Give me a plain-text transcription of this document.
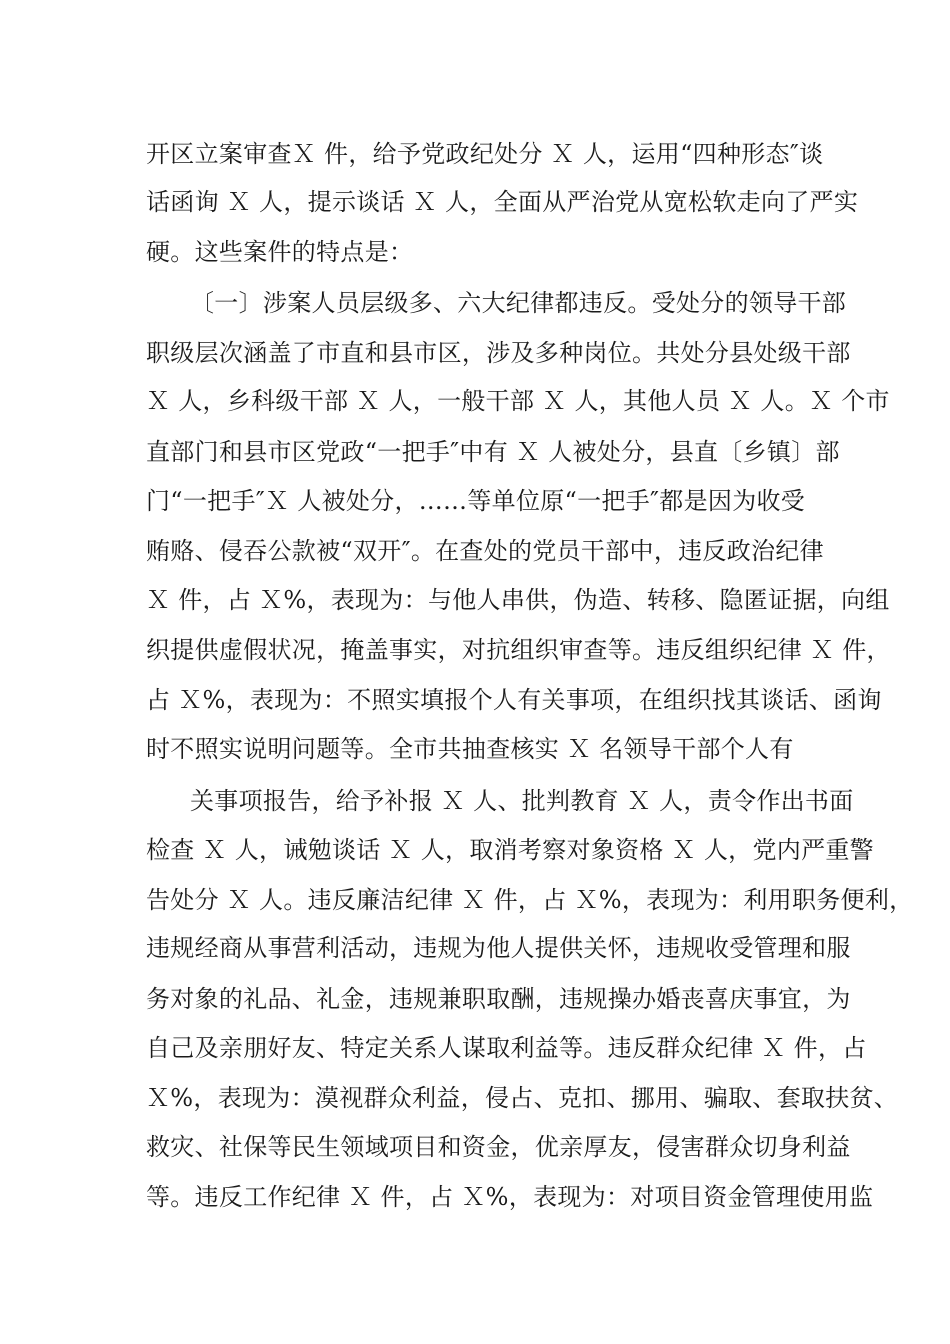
开区立案审查Ｘ 件，给予党政纪处分 Ｘ 人，运用“四种形态″谈
话函询 Ｘ 人，提示谈话 Ｘ 人，全面从严治党从宽松软走向了严实
硬。这些案件的特点是：
〔一〕涉案人员层级多、六大纪律都违反。受处分的领导干部
职级层次涵盖了市直和县市区，涉及多种岗位。共处分县处级干部
Ｘ 人，乡科级干部 Ｘ 人，一般干部 Ｘ 人，其他人员 Ｘ 人。Ｘ 个市
直部门和县市区党政“一把手″中有 Ｘ 人被处分，县直〔乡镇〕部
门“一把手″Ｘ 人被处分，……等单位原“一把手″都是因为收受
贿赂、侵吞公款被“双开″。在查处的党员干部中，违反政治纪律
Ｘ 件，占 Ｘ%，表现为：与他人串供，伪造、转移、隐匿证据，向组
织提供虚假状况，掩盖事实，对抗组织审查等。违反组织纪律 Ｘ 件，
占 Ｘ%，表现为：不照实填报个人有关事项，在组织找其谈话、函询
时不照实说明问题等。全市共抽查核实 Ｘ 名领导干部个人有
关事项报告，给予补报 Ｘ 人、批判教育 Ｘ 人，责令作出书面
检查 Ｘ 人，诫勉谈话 Ｘ 人，取消考察对象资格 Ｘ 人，党内严重警
告处分 Ｘ 人。违反廉洁纪律 Ｘ 件，占 Ｘ%，表现为：利用职务便利，
违规经商从事营利活动，违规为他人提供关怀，违规收受管理和服
务对象的礼品、礼金，违规兼职取酬，违规操办婚丧喜庆事宜，为
自己及亲朋好友、特定关系人谋取利益等。违反群众纪律 Ｘ 件，占
Ｘ%，表现为：漠视群众利益，侵占、克扣、挪用、骗取、套取扶贫、
救灾、社保等民生领域项目和资金，优亲厚友，侵害群众切身利益
等。违反工作纪律 Ｘ 件，占 Ｘ%，表现为：对项目资金管理使用监
